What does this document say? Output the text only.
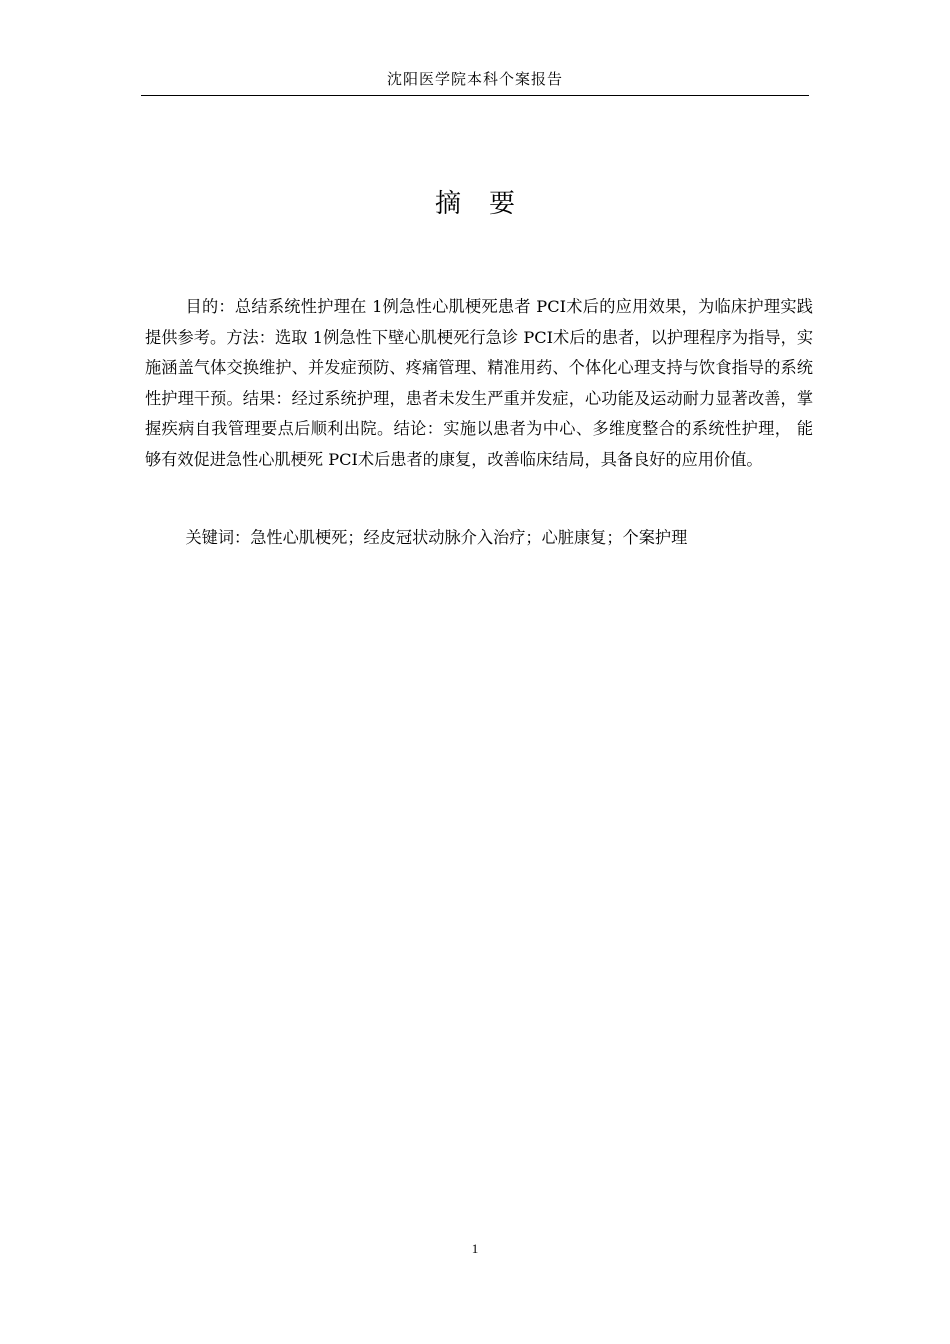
沈阳医学院本科个案报告
摘 要

目的：总结系统性护理在 1例急性心肌梗死患者 PCI术后的应用效果，为临床护理实践提供参考。方法：选取 1例急性下壁心肌梗死行急诊 PCI术后的患者，以护理程序为指导，实施涵盖气体交换维护、并发症预防、疼痛管理、精准用药、个体化心理支持与饮食指导的系统性护理干预。结果：经过系统护理，患者未发生严重并发症，心功能及运动耐力显著改善，掌握疾病自我管理要点后顺利出院。结论：实施以患者为中心、多维度整合的系统性护理， 能够有效促进急性心肌梗死 PCI术后患者的康复，改善临床结局，具备良好的应用价值。

关键词：急性心肌梗死；经皮冠状动脉介入治疗；心脏康复；个案护理

1
